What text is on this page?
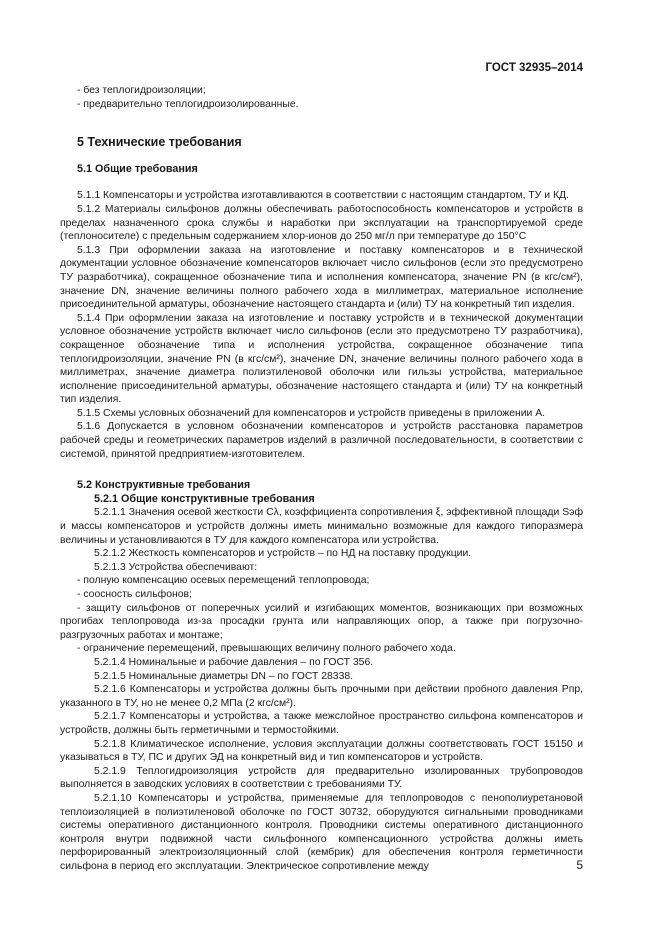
ГОСТ 32935–2014
- без теплогидроизоляции;
- предварительно теплогидроизолированные.
5 Технические требования
5.1 Общие требования

5.1.1 Компенсаторы и устройства изготавливаются в соответствии с настоящим стандартом, ТУ и КД.

5.1.2 Материалы сильфонов должны обеспечивать работоспособность компенсаторов и устройств в пределах назначенного срока службы и наработки при эксплуатации на транспортируемой среде (теплоносителе) с предельным содержанием хлор-ионов до 250 мг/л при температуре до 150°С

5.1.3 При оформлении заказа на изготовление и поставку компенсаторов и в технической документации условное обозначение компенсаторов включает число сильфонов (если это предусмотрено ТУ разработчика), сокращенное обозначение типа и исполнения компенсатора, значение PN (в кгс/см²), значение DN, значение величины полного рабочего хода в миллиметрах, материальное исполнение присоединительной арматуры, обозначение настоящего стандарта и (или) ТУ на конкретный тип изделия.

5.1.4 При оформлении заказа на изготовление и поставку устройств и в технической документации условное обозначение устройств включает число сильфонов (если это предусмотрено ТУ разработчика), сокращенное обозначение типа и исполнения устройства, сокращенное обозначение типа теплогидроизоляции, значение PN (в кгс/см²), значение DN, значение величины полного рабочего хода в миллиметрах, значение диаметра полиэтиленовой оболочки или гильзы устройства, материальное исполнение присоединительной арматуры, обозначение настоящего стандарта и (или) ТУ на конкретный тип изделия.

5.1.5 Схемы условных обозначений для компенсаторов и устройств приведены в приложении А.

5.1.6 Допускается в условном обозначении компенсаторов и устройств расстановка параметров рабочей среды и геометрических параметров изделий в различной последовательности, в соответствии с системой, принятой предприятием-изготовителем.

5.2 Конструктивные требования
5.2.1 Общие конструктивные требования

5.2.1.1 Значения осевой жесткости Cλ, коэффициента сопротивления ξ, эффективной площади Sэф и массы компенсаторов и устройств должны иметь минимально возможные для каждого типоразмера величины и установливаются в ТУ для каждого компенсатора или устройства.

5.2.1.2 Жесткость компенсаторов и устройств – по НД на поставку продукции.

5.2.1.3 Устройства обеспечивают:

- полную компенсацию осевых перемещений теплопровода;
- соосность сильфонов;

- защиту сильфонов от поперечных усилий и изгибающих моментов, возникающих при возможных прогибах теплопровода из-за просадки грунта или направляющих опор, а также при погрузочно-разгрузочных работах и монтаже;

- ограничение перемещений, превышающих величину полного рабочего хода.

5.2.1.4 Номинальные и рабочие давления – по ГОСТ 356.

5.2.1.5 Номинальные диаметры DN – по ГОСТ 28338.

5.2.1.6 Компенсаторы и устройства должны быть прочными при действии пробного давления Pпр, указанного в ТУ, но не менее 0,2 МПа (2 кгс/см²).

5.2.1.7 Компенсаторы и устройства, а также межслойное пространство сильфона компенсаторов и устройств, должны быть герметичными и термостойкими.

5.2.1.8 Климатическое исполнение, условия эксплуатации должны соответствовать ГОСТ 15150 и указываться в ТУ, ПС и других ЭД на конкретный вид и тип компенсаторов и устройств.

5.2.1.9 Теплогидроизоляция устройств для предварительно изолированных трубопроводов выполняется в заводских условиях в соответствии с требованиями ТУ.

5.2.1.10 Компенсаторы и устройства, применяемые для теплопроводов с пенополиуретановой теплоизоляцией в полиэтиленовой оболочке по ГОСТ 30732, оборудуются сигнальными проводниками системы оперативного дистанционного контроля. Проводники системы оперативного дистанционного контроля внутри подвижной части сильфонного компенсационного устройства должны иметь перфорированный электроизоляционный слой (кембрик) для обеспечения контроля герметичности сильфона в период его эксплуатации. Электрическое сопротивление между	5
